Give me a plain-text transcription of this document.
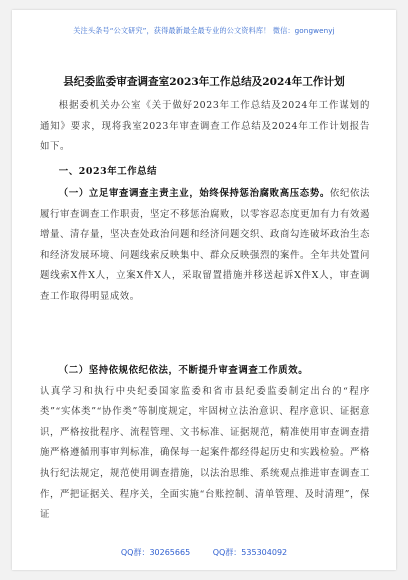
关注头条号“公文研究”，获得最新最全最专业的公文资料库！ 微信：gongwenyj
县纪委监委审查调查室2023年工作总结及2024年工作计划
根据委机关办公室《关于做好2023年工作总结及2024年工作谋划的通知》要求，现将我室2023年审查调查工作总结及2024年工作计划报告如下。
一、2023年工作总结
（一）立足审查调查主责主业，始终保持惩治腐败高压态势。依纪依法履行审查调查工作职责，坚定不移惩治腐败，以零容忍态度更加有力有效遏增量、清存量，坚决查处政治问题和经济问题交织、政商勾连破坏政治生态和经济发展环境、问题线索反映集中、群众反映强烈的案件。全年共处置问题线索X件X人，立案X件X人，采取留置措施并移送起诉X件X人，审查调查工作取得明显成效。
（二）坚持依规依纪依法，不断提升审查调查工作质效。
认真学习和执行中央纪委国家监委和省市县纪委监委制定出台的“程序类”“实体类”“协作类”等制度规定，牢固树立法治意识、程序意识、证据意识，严格按批程序、流程管理、文书标准、证据规范，精准使用审查调查措施严格遵循刑事审判标准，确保每一起案件都经得起历史和实践检验。严格执行纪法规定，规范使用调查措施，以法治思维、系统观点推进审查调查工作，严把证据关、程序关，全面实施“台账控制、清单管理、及时清理”，保证
QQ群：30265665	QQ群：535304092
